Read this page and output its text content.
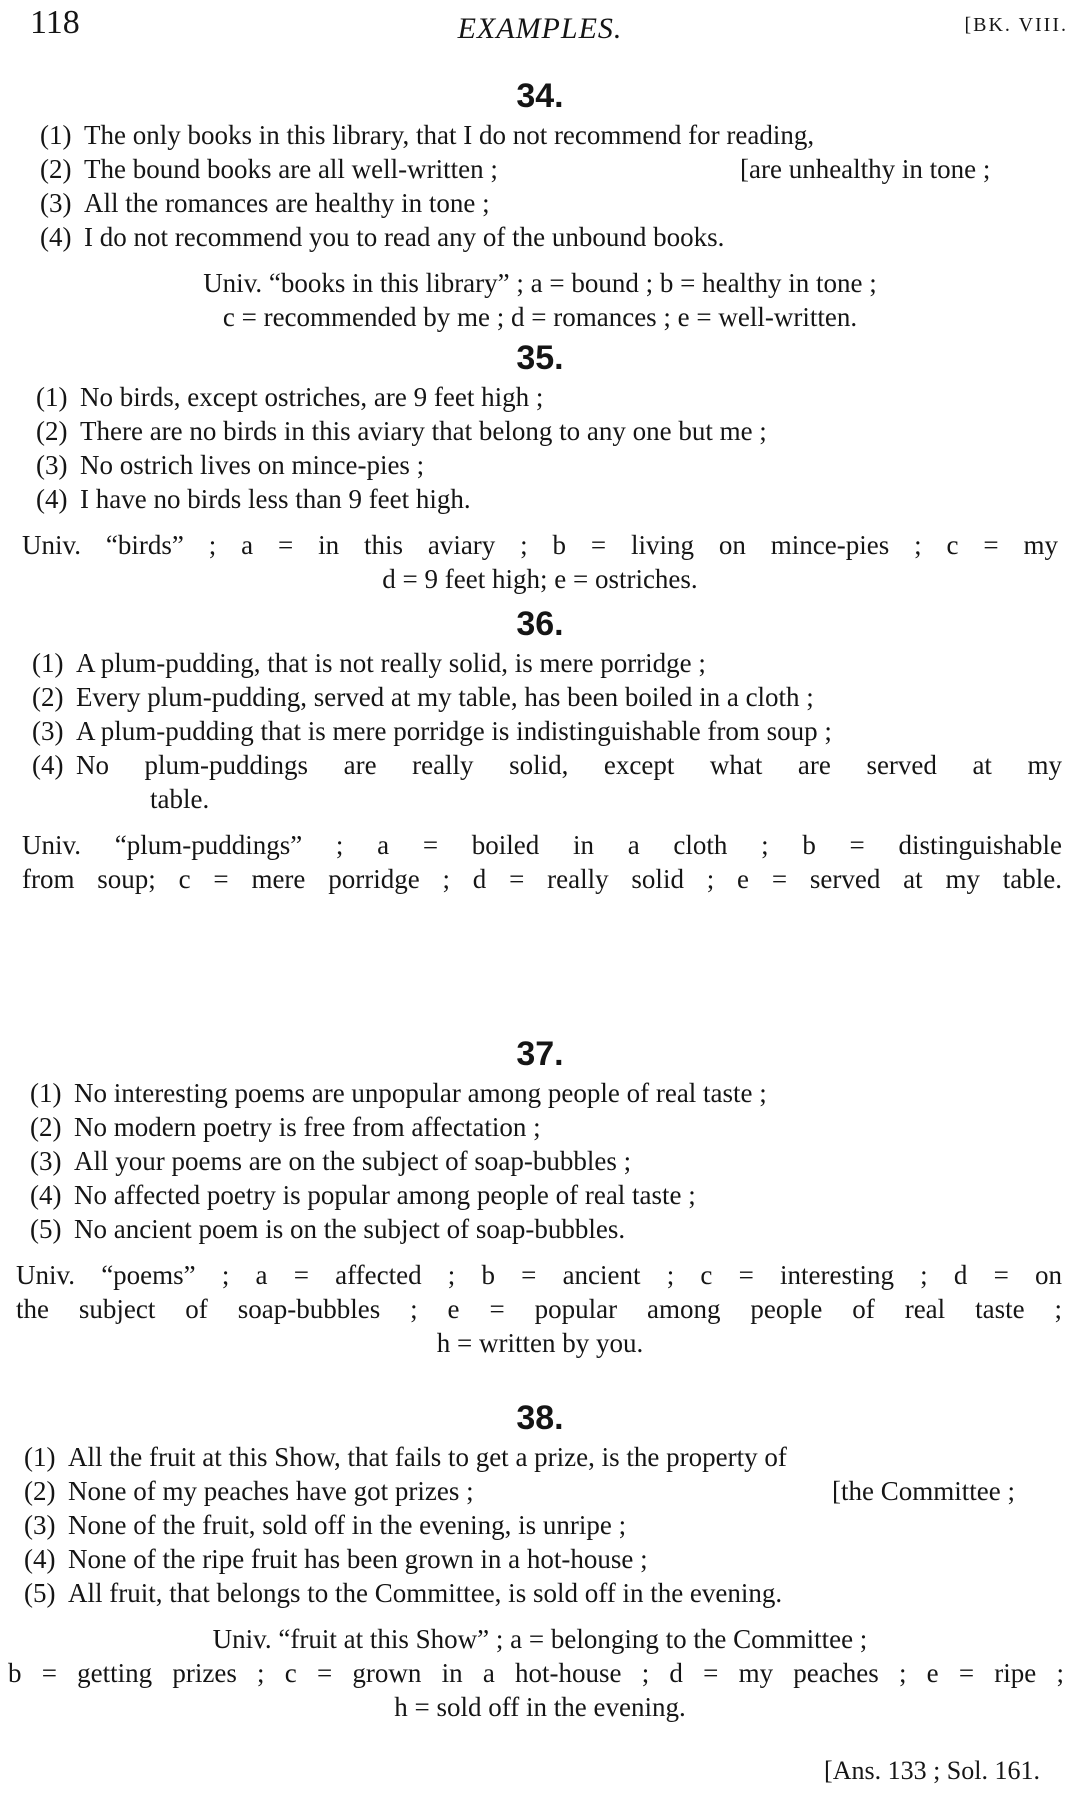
118	EXAMPLES.	[BK. VIII.
34.
(1) The only books in this library, that I do not recommend for reading,
(2) The bound books are all well-written ;	[are unhealthy in tone ;
(3) All the romances are healthy in tone ;
(4) I do not recommend you to read any of the unbound books.
Univ. “books in this library” ; a = bound ; b = healthy in tone ;
c = recommended by me ; d = romances ; e = well-written.
35.
(1) No birds, except ostriches, are 9 feet high ;
(2) There are no birds in this aviary that belong to any one but me ;
(3) No ostrich lives on mince-pies ;
(4) I have no birds less than 9 feet high.
Univ. “birds” ; a = in this aviary ; b = living on mince-pies ; c = my
d = 9 feet high; e = ostriches.
36.
(1) A plum-pudding, that is not really solid, is mere porridge ;
(2) Every plum-pudding, served at my table, has been boiled in a cloth ;
(3) A plum-pudding that is mere porridge is indistinguishable from soup ;
(4) No plum-puddings are really solid, except what are served at my
table.
Univ. “plum-puddings” ; a = boiled in a cloth ; b = distinguishable
from soup; c = mere porridge ; d = really solid ; e = served at my table.
37.
(1) No interesting poems are unpopular among people of real taste ;
(2) No modern poetry is free from affectation ;
(3) All your poems are on the subject of soap-bubbles ;
(4) No affected poetry is popular among people of real taste ;
(5) No ancient poem is on the subject of soap-bubbles.
Univ. “poems” ; a = affected ; b = ancient ; c = interesting ; d = on
the subject of soap-bubbles ; e = popular among people of real taste ;
h = written by you.
38.
(1) All the fruit at this Show, that fails to get a prize, is the property of
(2) None of my peaches have got prizes ;	[the Committee ;
(3) None of the fruit, sold off in the evening, is unripe ;
(4) None of the ripe fruit has been grown in a hot-house ;
(5) All fruit, that belongs to the Committee, is sold off in the evening.
Univ. “fruit at this Show” ; a = belonging to the Committee ;
b = getting prizes ; c = grown in a hot-house ; d = my peaches ; e = ripe ;
h = sold off in the evening.
[Ans. 133 ; Sol. 161.
